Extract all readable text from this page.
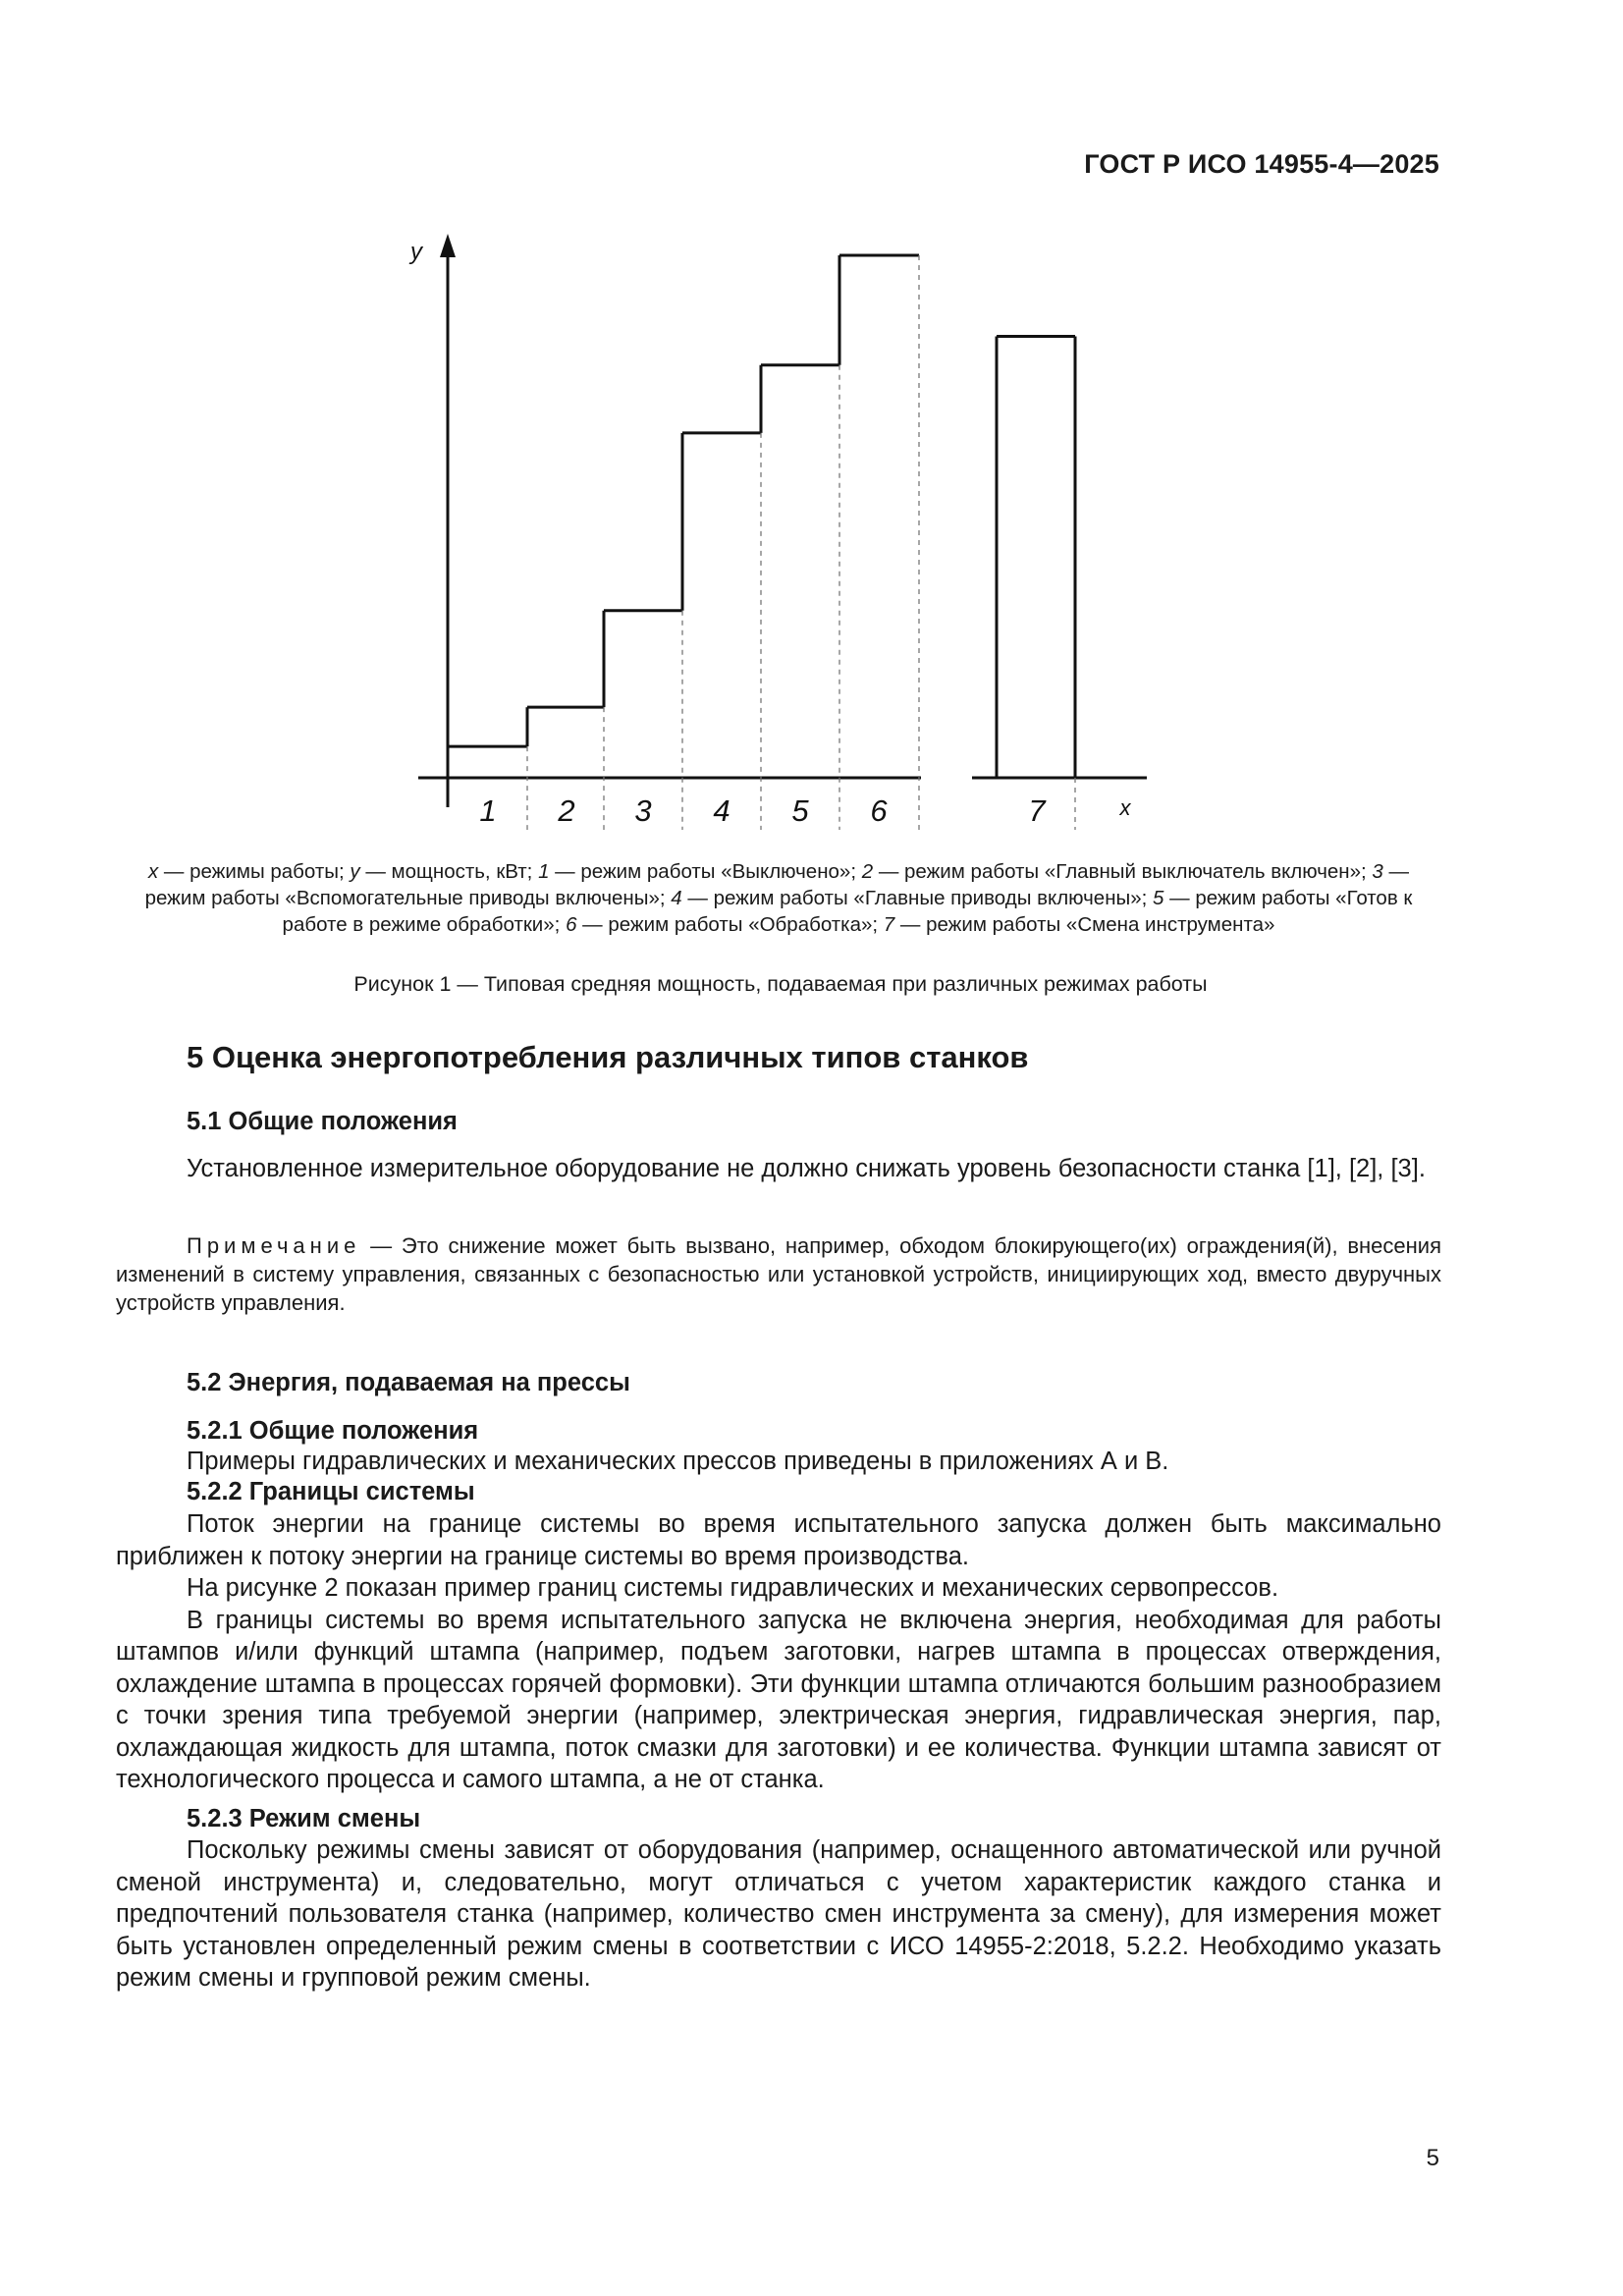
ГОСТ Р ИСО 14955-4—2025
1 2 3 4 5 6	7	x
y
x — режимы работы; y — мощность, кВт; 1 — режим работы «Выключено»; 2 — режим работы «Главный выключатель включен»; 3 — режим работы «Вспомогательные приводы включены»; 4 — режим работы «Главные приводы включены»; 5 — режим работы «Готов к работе в режиме обработки»; 6 — режим работы «Обработка»; 7 — режим работы «Смена инструмента»
Рисунок 1 — Типовая средняя мощность, подаваемая при различных режимах работы
5 Оценка энергопотребления различных типов станков
5.1 Общие положения
Установленное измерительное оборудование не должно снижать уровень безопасности станка [1], [2], [3].
Примечание — Это снижение может быть вызвано, например, обходом блокирующего(их) ограждения(й), внесения изменений в систему управления, связанных с безопасностью или установкой устройств, инициирующих ход, вместо двуручных устройств управления.
5.2 Энергия, подаваемая на прессы
5.2.1 Общие положения
Примеры гидравлических и механических прессов приведены в приложениях А и В.
5.2.2 Границы системы

Поток энергии на границе системы во время испытательного запуска должен быть максимально приближен к потоку энергии на границе системы во время производства.

На рисунке 2 показан пример границ системы гидравлических и механических сервопрессов.

В границы системы во время испытательного запуска не включена энергия, необходимая для работы штампов и/или функций штампа (например, подъем заготовки, нагрев штампа в процессах отверждения, охлаждение штампа в процессах горячей формовки). Эти функции штампа отличаются большим разнообразием с точки зрения типа требуемой энергии (например, электрическая энергия, гидравлическая энергия, пар, охлаждающая жидкость для штампа, поток смазки для заготовки) и ее количества. Функции штампа зависят от технологического процесса и самого штампа, а не от станка.

5.2.3 Режим смены
Поскольку режимы смены зависят от оборудования (например, оснащенного автоматической или ручной сменой инструмента) и, следовательно, могут отличаться с учетом характеристик каждого станка и предпочтений пользователя станка (например, количество смен инструмента за смену), для измерения может быть установлен определенный режим смены в соответствии с ИСО 14955-2:2018, 5.2.2. Необходимо указать режим смены и групповой режим смены.
5
